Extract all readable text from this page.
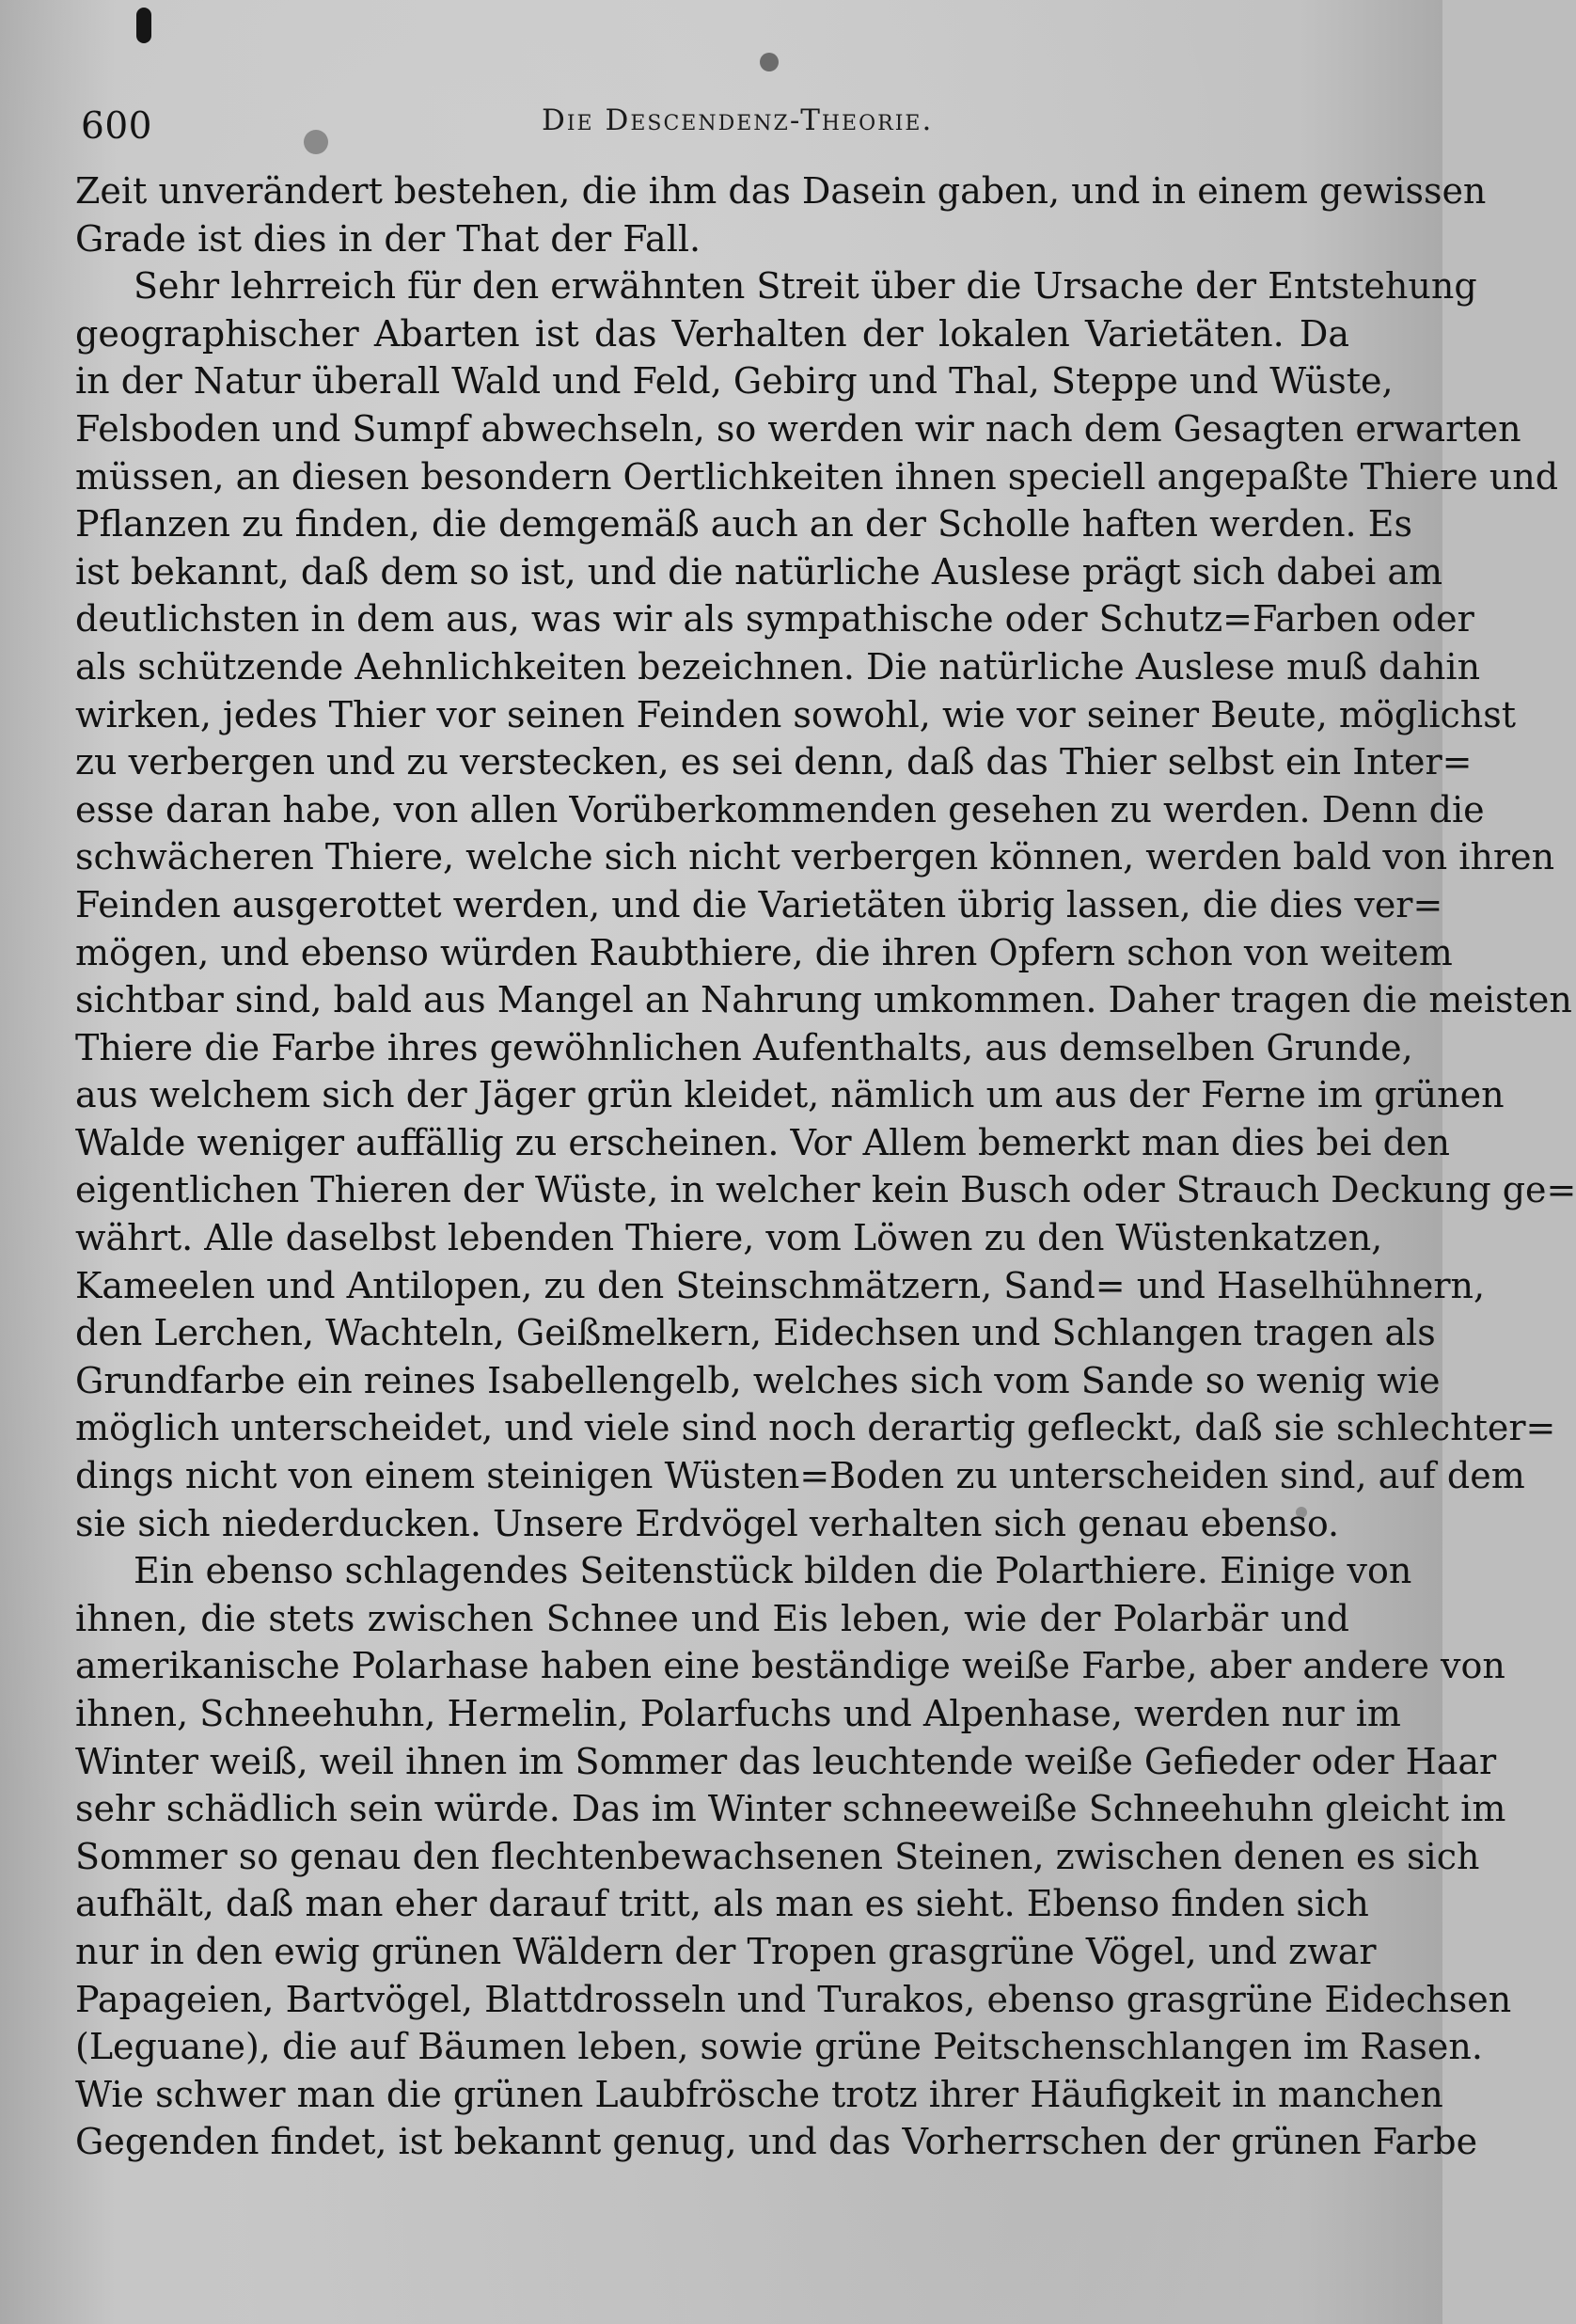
600	Die Descendenz-Theorie.
Zeit unverändert bestehen, die ihm das Dasein gaben, und in einem gewissen
Grade ist dies in der That der Fall.
Sehr lehrreich für den erwähnten Streit über die Ursache der Entstehung
geographischer Abarten ist das Verhalten der lokalen Varietäten. Da
in der Natur überall Wald und Feld, Gebirg und Thal, Steppe und Wüste,
Felsboden und Sumpf abwechseln, so werden wir nach dem Gesagten erwarten
müssen, an diesen besondern Oertlichkeiten ihnen speciell angepaßte Thiere und
Pflanzen zu finden, die demgemäß auch an der Scholle haften werden. Es
ist bekannt, daß dem so ist, und die natürliche Auslese prägt sich dabei am
deutlichsten in dem aus, was wir als sympathische oder Schutz=Farben oder
als schützende Aehnlichkeiten bezeichnen. Die natürliche Auslese muß dahin
wirken, jedes Thier vor seinen Feinden sowohl, wie vor seiner Beute, möglichst
zu verbergen und zu verstecken, es sei denn, daß das Thier selbst ein Inter=
esse daran habe, von allen Vorüberkommenden gesehen zu werden. Denn die
schwächeren Thiere, welche sich nicht verbergen können, werden bald von ihren
Feinden ausgerottet werden, und die Varietäten übrig lassen, die dies ver=
mögen, und ebenso würden Raubthiere, die ihren Opfern schon von weitem
sichtbar sind, bald aus Mangel an Nahrung umkommen. Daher tragen die meisten
Thiere die Farbe ihres gewöhnlichen Aufenthalts, aus demselben Grunde,
aus welchem sich der Jäger grün kleidet, nämlich um aus der Ferne im grünen
Walde weniger auffällig zu erscheinen. Vor Allem bemerkt man dies bei den
eigentlichen Thieren der Wüste, in welcher kein Busch oder Strauch Deckung ge=
währt. Alle daselbst lebenden Thiere, vom Löwen zu den Wüstenkatzen,
Kameelen und Antilopen, zu den Steinschmätzern, Sand= und Haselhühnern,
den Lerchen, Wachteln, Geißmelkern, Eidechsen und Schlangen tragen als
Grundfarbe ein reines Isabellengelb, welches sich vom Sande so wenig wie
möglich unterscheidet, und viele sind noch derartig gefleckt, daß sie schlechter=
dings nicht von einem steinigen Wüsten=Boden zu unterscheiden sind, auf dem
sie sich niederducken. Unsere Erdvögel verhalten sich genau ebenso.
Ein ebenso schlagendes Seitenstück bilden die Polarthiere. Einige von
ihnen, die stets zwischen Schnee und Eis leben, wie der Polarbär und
amerikanische Polarhase haben eine beständige weiße Farbe, aber andere von
ihnen, Schneehuhn, Hermelin, Polarfuchs und Alpenhase, werden nur im
Winter weiß, weil ihnen im Sommer das leuchtende weiße Gefieder oder Haar
sehr schädlich sein würde. Das im Winter schneeweiße Schneehuhn gleicht im
Sommer so genau den flechtenbewachsenen Steinen, zwischen denen es sich
aufhält, daß man eher darauf tritt, als man es sieht. Ebenso finden sich
nur in den ewig grünen Wäldern der Tropen grasgrüne Vögel, und zwar
Papageien, Bartvögel, Blattdrosseln und Turakos, ebenso grasgrüne Eidechsen
(Leguane), die auf Bäumen leben, sowie grüne Peitschenschlangen im Rasen.
Wie schwer man die grünen Laubfrösche trotz ihrer Häufigkeit in manchen
Gegenden findet, ist bekannt genug, und das Vorherrschen der grünen Farbe
